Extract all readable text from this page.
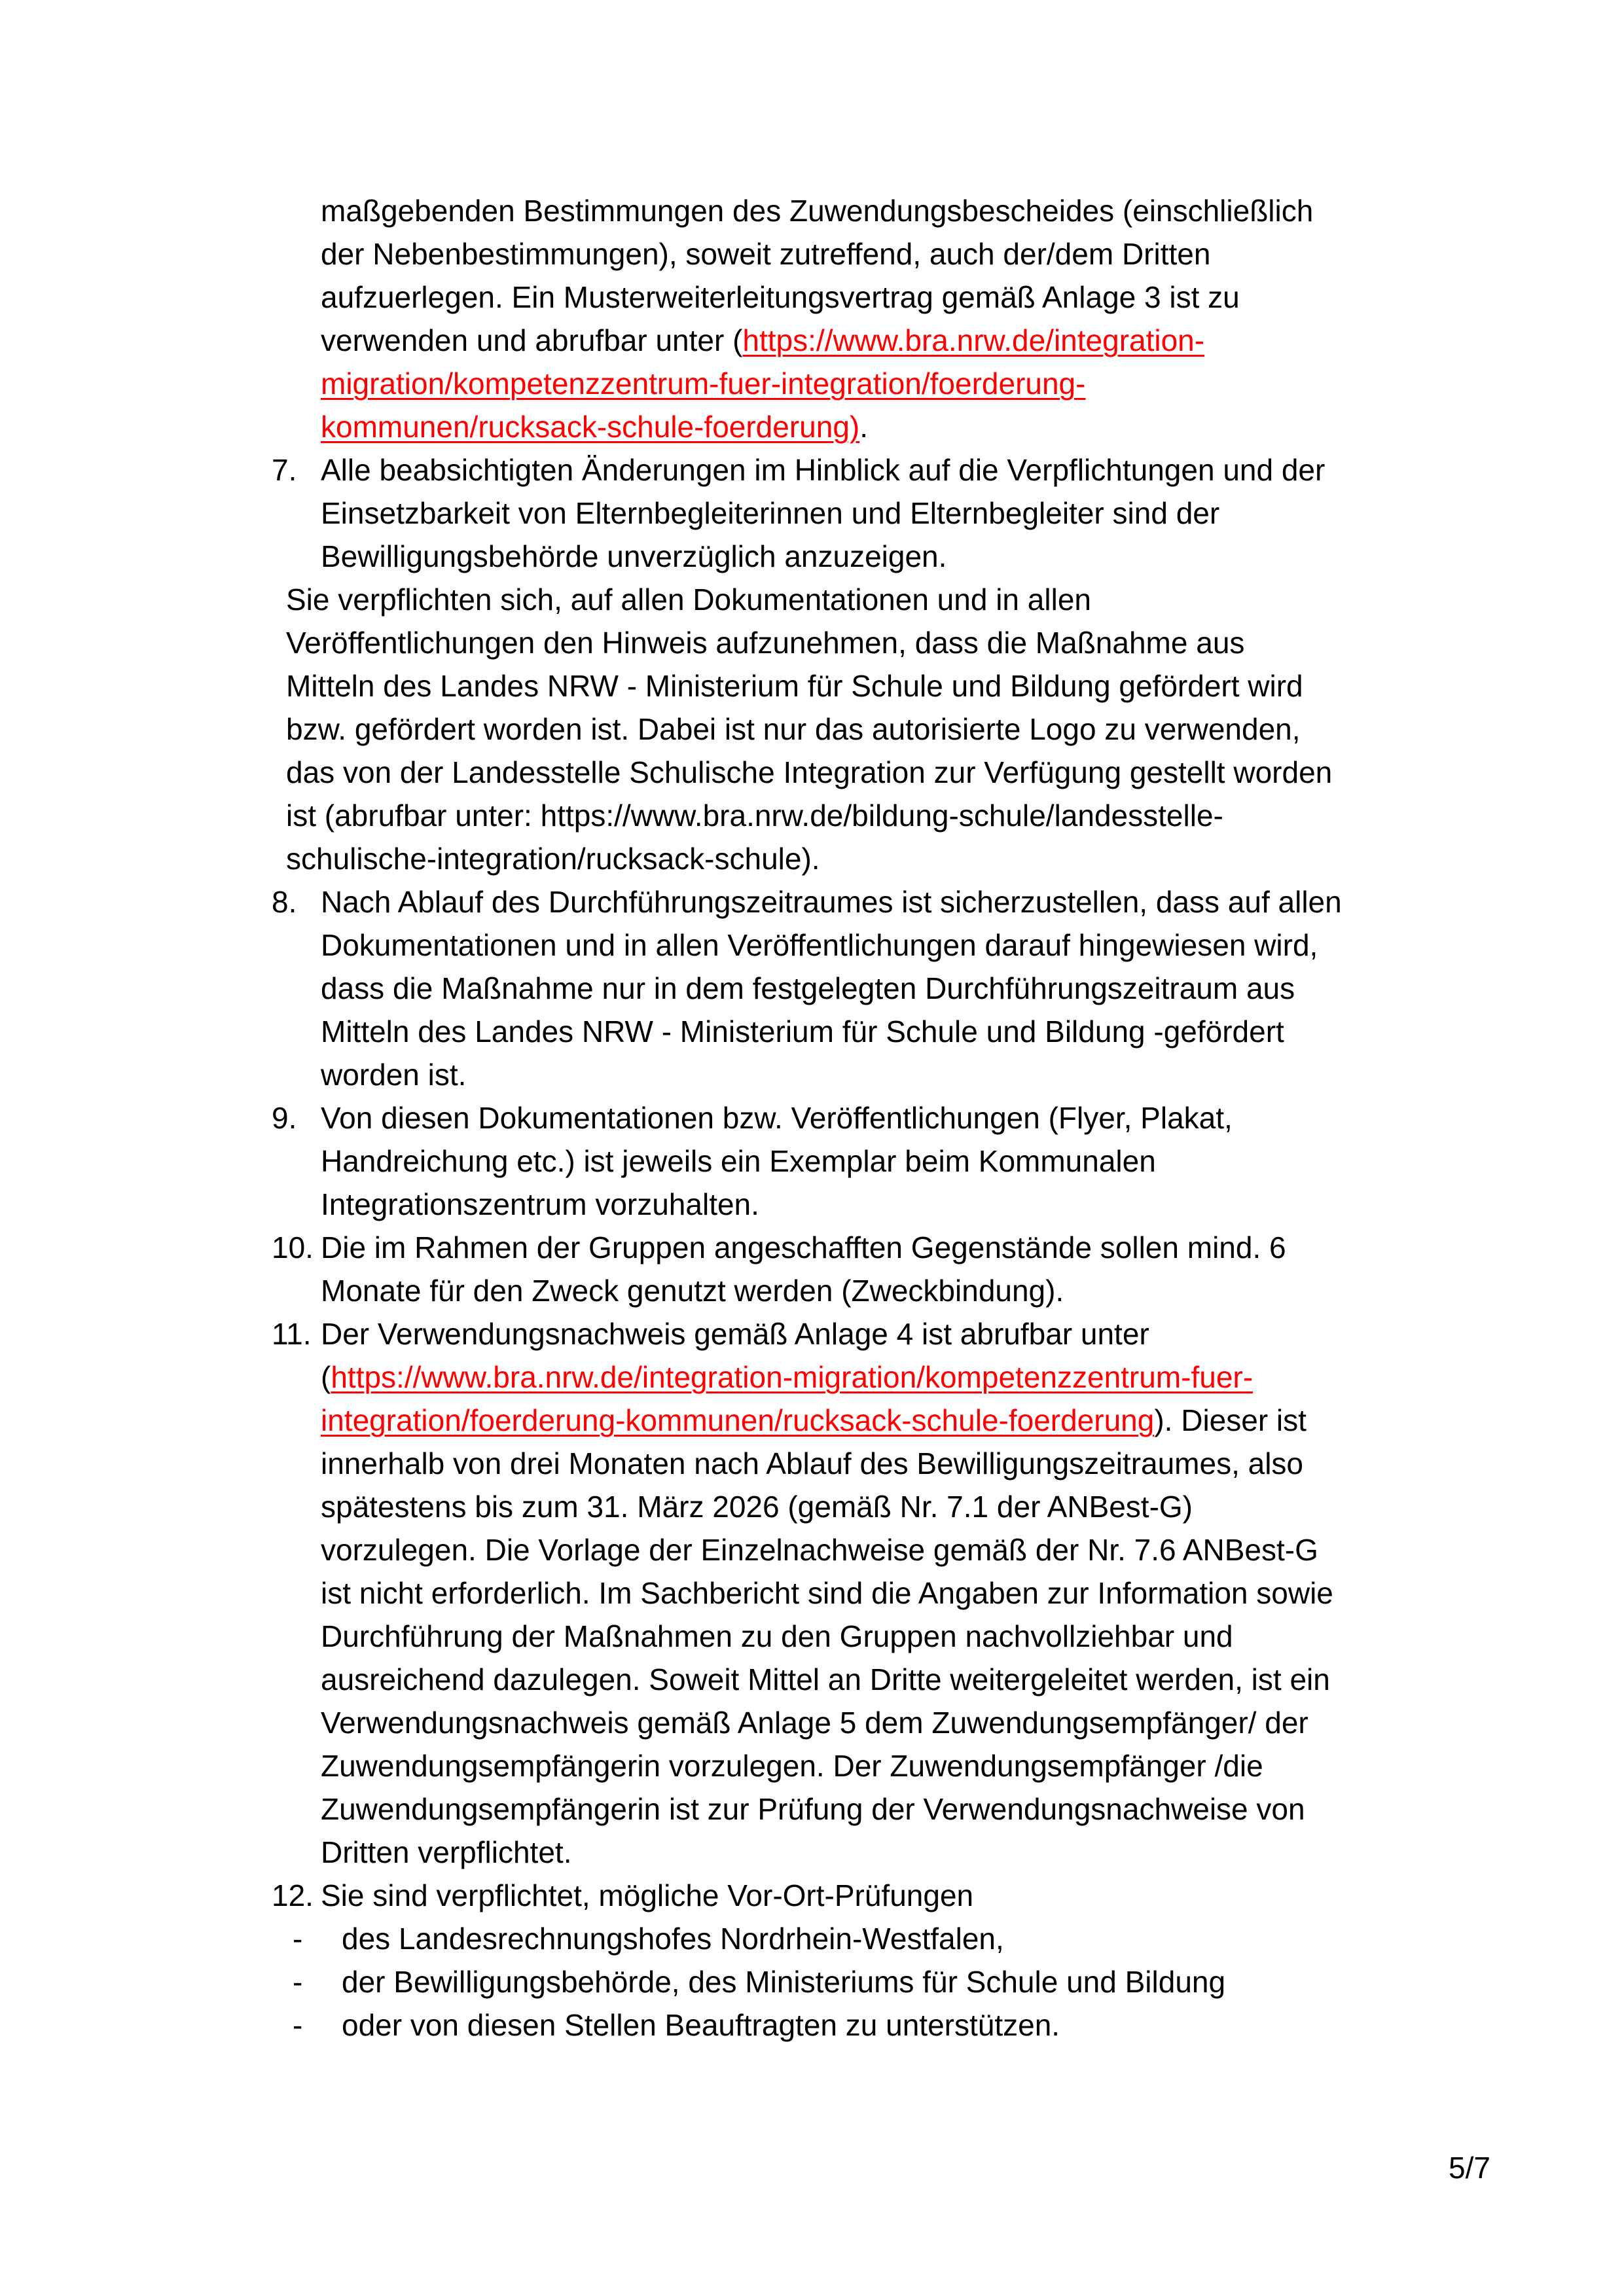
maßgebenden Bestimmungen des Zuwendungsbescheides (einschließlich
der Nebenbestimmungen), soweit zutreffend, auch der/dem Dritten
aufzuerlegen. Ein Musterweiterleitungsvertrag gemäß Anlage 3 ist zu
verwenden und abrufbar unter (https://www.bra.nrw.de/integration-
migration/kompetenzzentrum-fuer-integration/foerderung-
kommunen/rucksack-schule-foerderung).
7. Alle beabsichtigten Änderungen im Hinblick auf die Verpflichtungen und der
Einsetzbarkeit von Elternbegleiterinnen und Elternbegleiter sind der
Bewilligungsbehörde unverzüglich anzuzeigen.
Sie verpflichten sich, auf allen Dokumentationen und in allen
Veröffentlichungen den Hinweis aufzunehmen, dass die Maßnahme aus
Mitteln des Landes NRW - Ministerium für Schule und Bildung gefördert wird
bzw. gefördert worden ist. Dabei ist nur das autorisierte Logo zu verwenden,
das von der Landesstelle Schulische Integration zur Verfügung gestellt worden
ist (abrufbar unter: https://www.bra.nrw.de/bildung-schule/landesstelle-
schulische-integration/rucksack-schule).
8. Nach Ablauf des Durchführungszeitraumes ist sicherzustellen, dass auf allen
Dokumentationen und in allen Veröffentlichungen darauf hingewiesen wird,
dass die Maßnahme nur in dem festgelegten Durchführungszeitraum aus
Mitteln des Landes NRW - Ministerium für Schule und Bildung -gefördert
worden ist.
9. Von diesen Dokumentationen bzw. Veröffentlichungen (Flyer, Plakat,
Handreichung etc.) ist jeweils ein Exemplar beim Kommunalen
Integrationszentrum vorzuhalten.
10. Die im Rahmen der Gruppen angeschafften Gegenstände sollen mind. 6
Monate für den Zweck genutzt werden (Zweckbindung).
11. Der Verwendungsnachweis gemäß Anlage 4 ist abrufbar unter
(https://www.bra.nrw.de/integration-migration/kompetenzzentrum-fuer-
integration/foerderung-kommunen/rucksack-schule-foerderung). Dieser ist
innerhalb von drei Monaten nach Ablauf des Bewilligungszeitraumes, also
spätestens bis zum 31. März 2026 (gemäß Nr. 7.1 der ANBest-G)
vorzulegen. Die Vorlage der Einzelnachweise gemäß der Nr. 7.6 ANBest-G
ist nicht erforderlich. Im Sachbericht sind die Angaben zur Information sowie
Durchführung der Maßnahmen zu den Gruppen nachvollziehbar und
ausreichend dazulegen. Soweit Mittel an Dritte weitergeleitet werden, ist ein
Verwendungsnachweis gemäß Anlage 5 dem Zuwendungsempfänger/ der
Zuwendungsempfängerin vorzulegen. Der Zuwendungsempfänger /die
Zuwendungsempfängerin ist zur Prüfung der Verwendungsnachweise von
Dritten verpflichtet.
12. Sie sind verpflichtet, mögliche Vor-Ort-Prüfungen
- des Landesrechnungshofes Nordrhein-Westfalen,
- der Bewilligungsbehörde, des Ministeriums für Schule und Bildung
- oder von diesen Stellen Beauftragten zu unterstützen.
5/7
